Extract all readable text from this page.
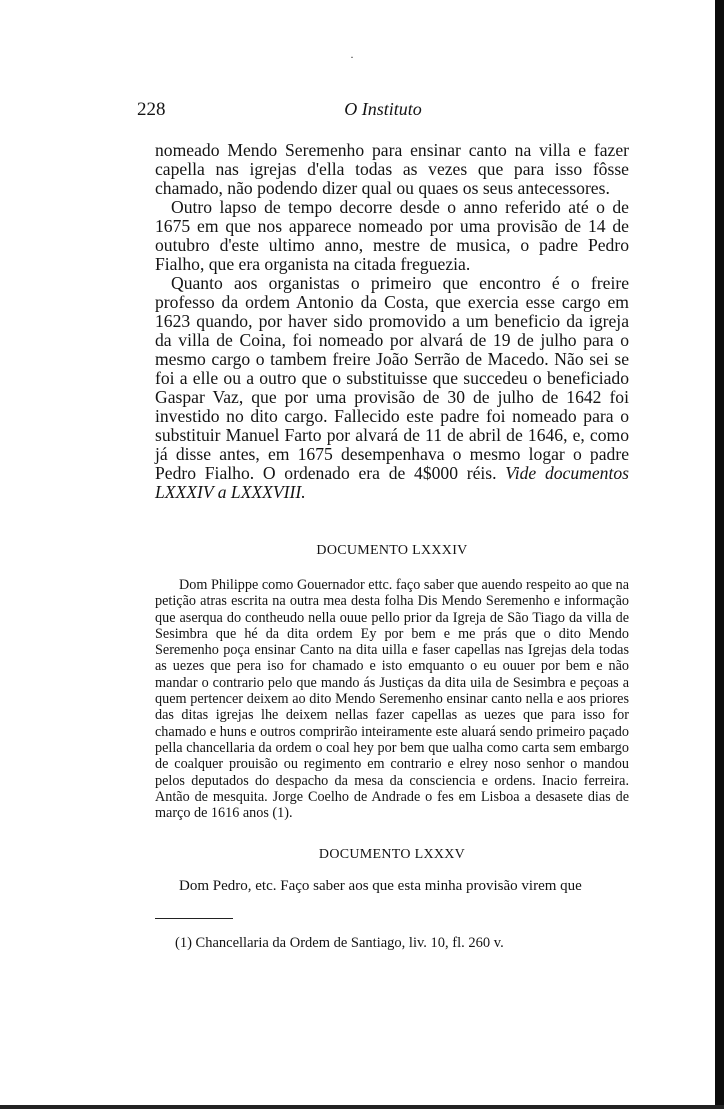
·
228	O Instituto

nomeado Mendo Seremenho para ensinar canto na villa e fazer capella nas igrejas d'ella todas as vezes que para isso fôsse chamado, não podendo dizer qual ou quaes os seus antecessores.

Outro lapso de tempo decorre desde o anno referido até o de 1675 em que nos apparece nomeado por uma provisão de 14 de outubro d'este ultimo anno, mestre de musica, o padre Pedro Fialho, que era organista na citada freguezia.

Quanto aos organistas o primeiro que encontro é o freire professo da ordem Antonio da Costa, que exercia esse cargo em 1623 quando, por haver sido promovido a um beneficio da igreja da villa de Coina, foi nomeado por alvará de 19 de julho para o mesmo cargo o tambem freire João Serrão de Macedo. Não sei se foi a elle ou a outro que o substituisse que succedeu o beneficiado Gaspar Vaz, que por uma provisão de 30 de julho de 1642 foi investido no dito cargo. Fallecido este padre foi nomeado para o substituir Manuel Farto por alvará de 11 de abril de 1646, e, como já disse antes, em 1675 desempenhava o mesmo logar o padre Pedro Fialho. O ordenado era de 4$000 réis. Vide documentos LXXXIV a LXXXVIII.

DOCUMENTO LXXXIV

Dom Philippe como Gouernador ettc. faço saber que auendo respeito ao que na petição atras escrita na outra mea desta folha Dis Mendo Seremenho e informação que aserqua do contheudo nella ouue pello prior da Igreja de São Tiago da villa de Sesimbra que hé da dita ordem Ey por bem e me prás que o dito Mendo Seremenho poça ensinar Canto na dita uilla e faser capellas nas Igrejas dela todas as uezes que pera iso for chamado e isto emquanto o eu ouuer por bem e não mandar o contrario pelo que mando ás Justiças da dita uila de Sesimbra e peçoas a quem pertencer deixem ao dito Mendo Seremenho ensinar canto nella e aos priores das ditas igrejas lhe deixem nellas fazer capellas as uezes que para isso for chamado e huns e outros comprirão inteiramente este aluará sendo primeiro paçado pella chancellaria da ordem o coal hey por bem que ualha como carta sem embargo de coalquer prouisão ou regimento em contrario e elrey noso senhor o mandou pelos deputados do despacho da mesa da consciencia e ordens. Inacio ferreira. Antão de mesquita. Jorge Coelho de Andrade o fes em Lisboa a desasete dias de março de 1616 anos (1).

DOCUMENTO LXXXV

Dom Pedro, etc. Faço saber aos que esta minha provisão virem que

(1) Chancellaria da Ordem de Santiago, liv. 10, fl. 260 v.
